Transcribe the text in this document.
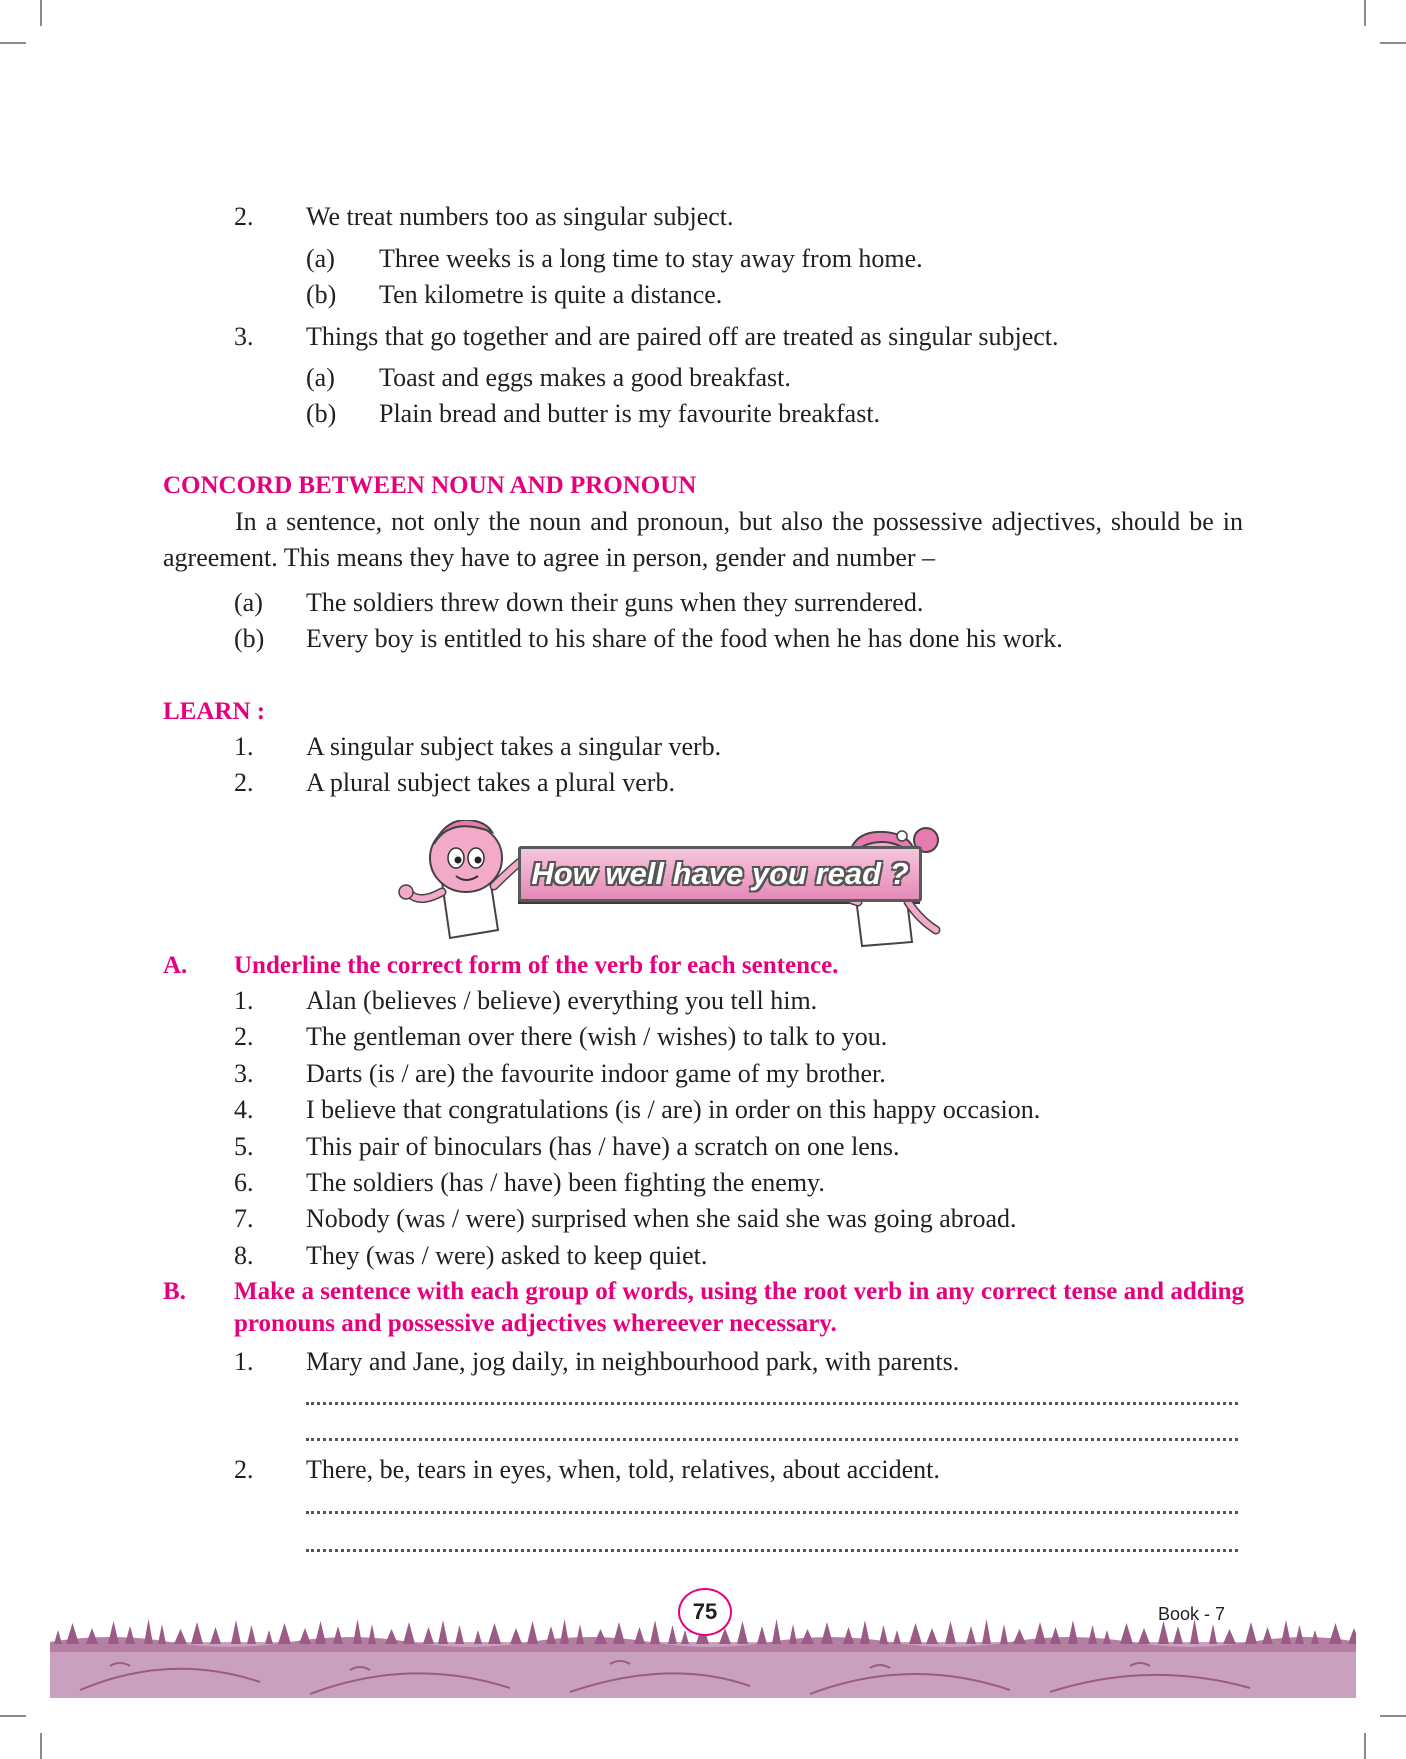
2. We treat numbers too as singular subject.
(a) Three weeks is a long time to stay away from home.
(b) Ten kilometre is quite a distance.
3. Things that go together and are paired off are treated as singular subject.
(a) Toast and eggs makes a good breakfast.
(b) Plain bread and butter is my favourite breakfast.
CONCORD BETWEEN NOUN AND PRONOUN
In a sentence, not only the noun and pronoun, but also the possessive adjectives, should be in agreement. This means they have to agree in person, gender and number –
(a) The soldiers threw down their guns when they surrendered.
(b) Every boy is entitled to his share of the food when he has done his work.
LEARN :
1. A singular subject takes a singular verb.
2. A plural subject takes a plural verb.
How well have you read ?
A. Underline the correct form of the verb for each sentence.
1. Alan (believes / believe) everything you tell him.
2. The gentleman over there (wish / wishes) to talk to you.
3. Darts (is / are) the favourite indoor game of my brother.
4. I believe that congratulations (is / are) in order on this happy occasion.
5. This pair of binoculars (has / have) a scratch on one lens.
6. The soldiers (has / have) been fighting the enemy.
7. Nobody (was / were) surprised when she said she was going abroad.
8. They (was / were) asked to keep quiet.
B. Make a sentence with each group of words, using the root verb in any correct tense and adding pronouns and possessive adjectives whereever necessary.
1. Mary and Jane, jog daily, in neighbourhood park, with parents.
2. There, be, tears in eyes, when, told, relatives, about accident.
75	Book - 7
